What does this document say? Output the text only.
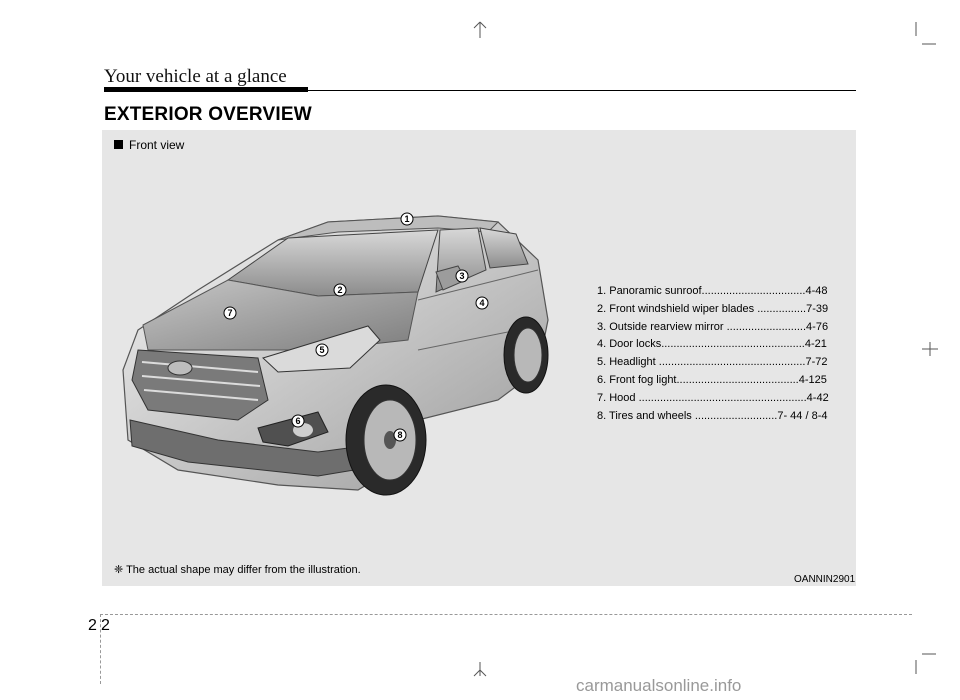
Your vehicle at a glance
EXTERIOR OVERVIEW
Front view
1
2
3
4
5
6
7
8
1. Panoramic sunroof..................................4-48
2. Front windshield wiper blades ................7-39
3. Outside rearview mirror ..........................4-76
4. Door locks...............................................4-21
5. Headlight ................................................7-72
6. Front fog light........................................4-125
7. Hood .......................................................4-42
8. Tires and wheels ...........................7- 44 / 8-4
❈ The actual shape may differ from the illustration.
OANNIN2901
2 2
carmanualsonline.info
